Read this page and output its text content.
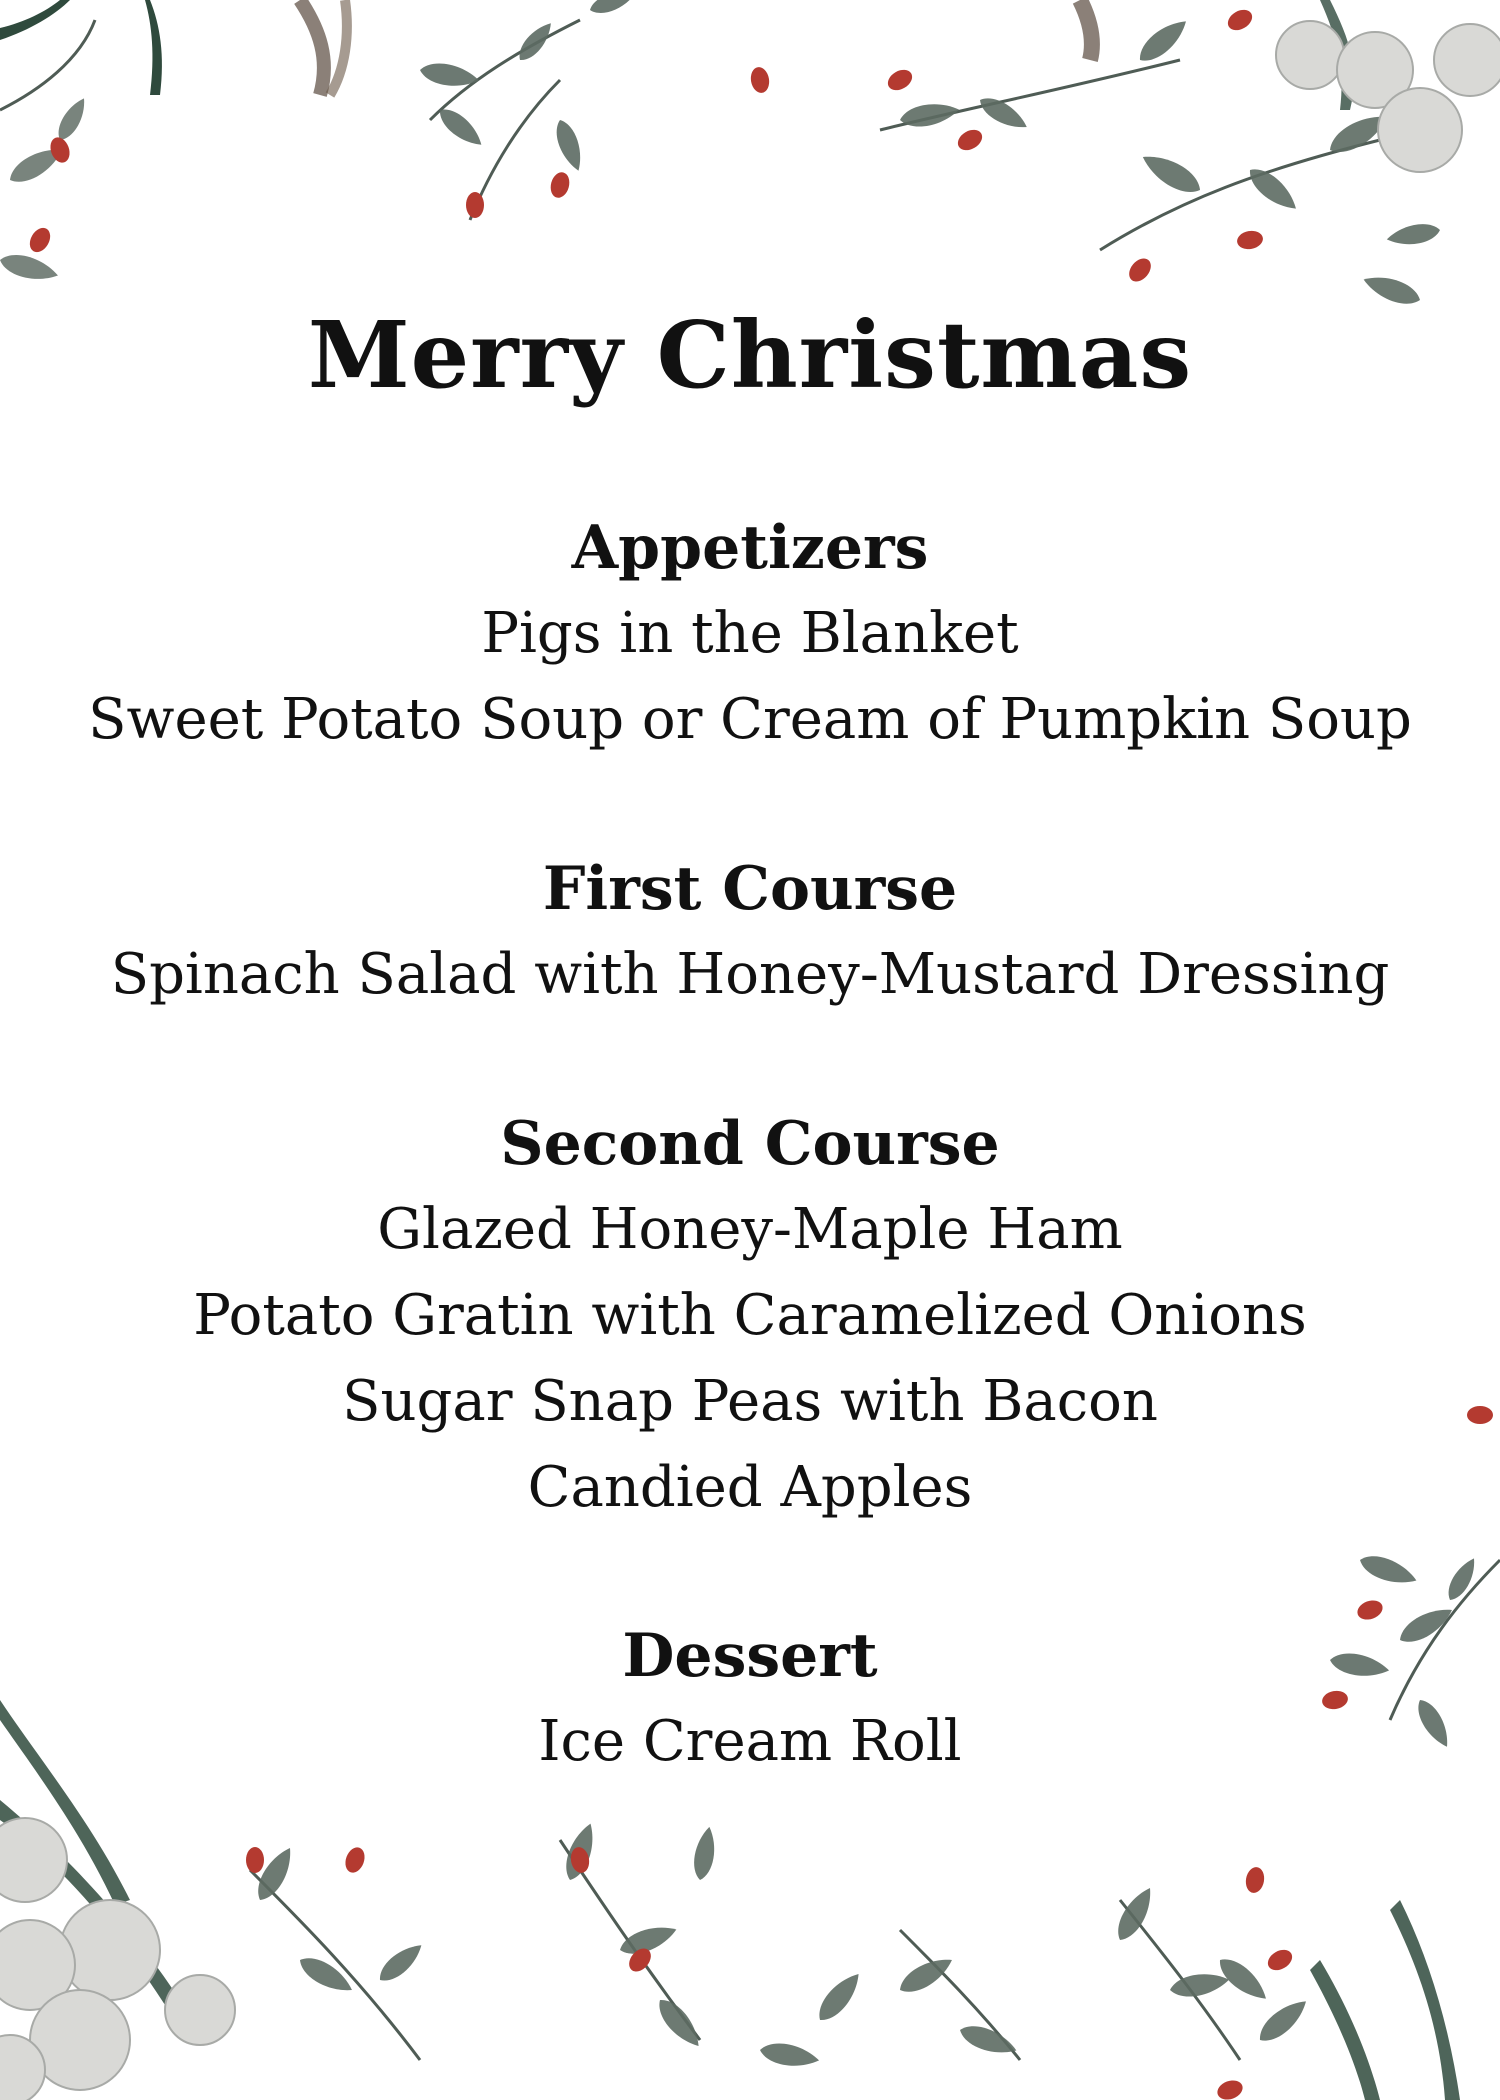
Merry Christmas
Appetizers
Pigs in the Blanket
Sweet Potato Soup or Cream of Pumpkin Soup
First Course
Spinach Salad with Honey-Mustard Dressing
Second Course
Glazed Honey-Maple Ham
Potato Gratin with Caramelized Onions
Sugar Snap Peas with Bacon
Candied Apples
Dessert
Ice Cream Roll
